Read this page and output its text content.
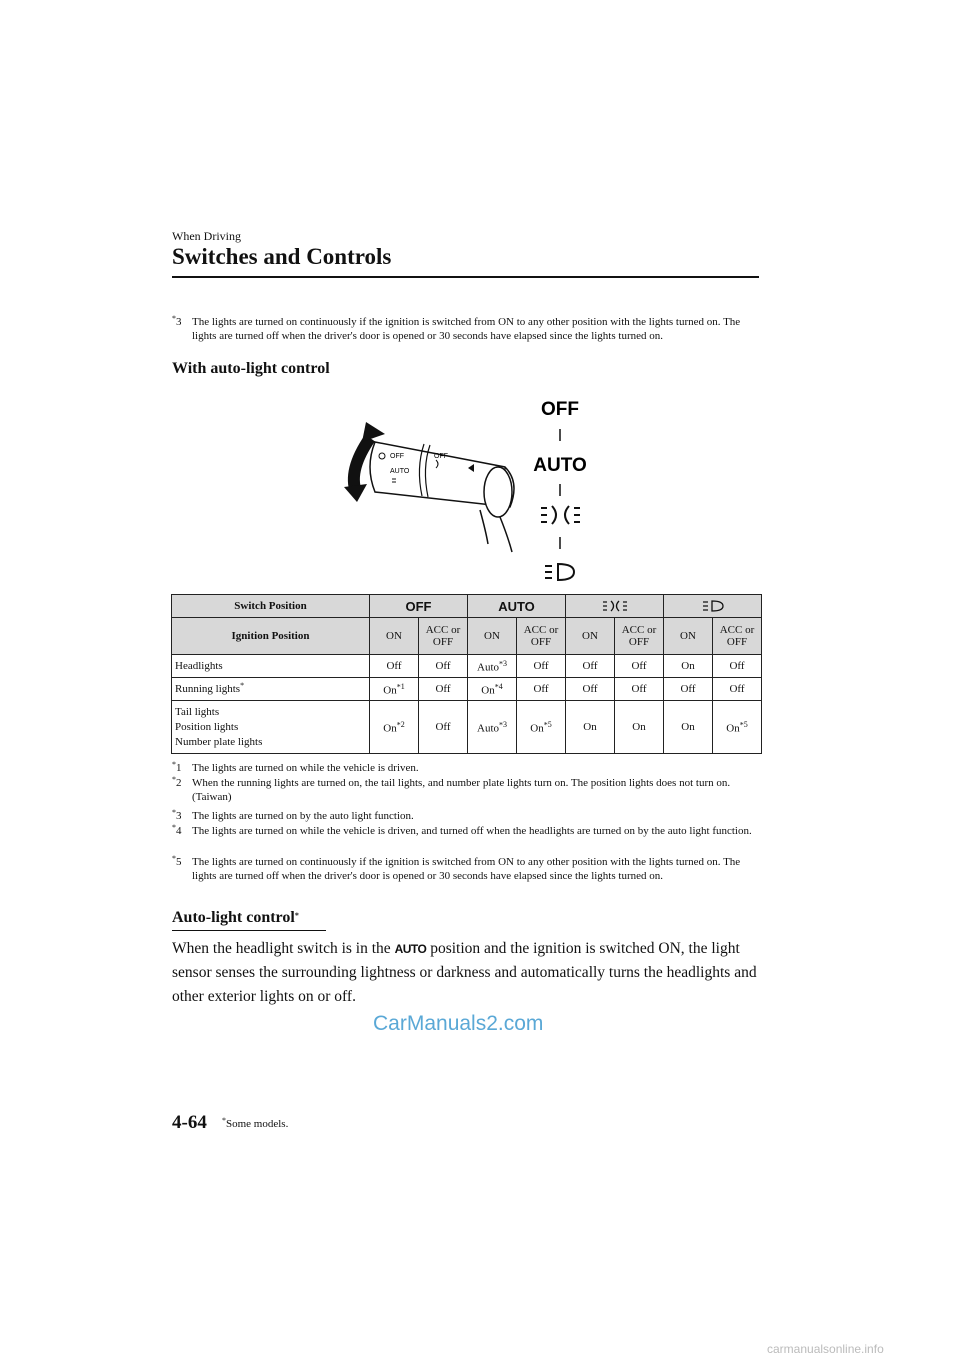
When Driving
Switches and Controls
*3 The lights are turned on continuously if the ignition is switched from ON to any other position with the lights turned on. The lights are turned off when the driver's door is opened or 30 seconds have elapsed since the lights turned on.
With auto-light control
OFF
AUTO
OFF
OFF
AUTO
Switch Position	OFF		AUTO		
Ignition Position	ON	ACC or OFF	ON	ACC or OFF	ON	ACC or OFF	ON	ACC or OFF
Headlights	Off	Off	Auto$^{*3}$	Off	Off	Off	On	Off
Running lights*	On$^{*1}$	Off	On$^{*4}$	Off	Off	Off	Off	Off

Tail lights
Position lights
Number plate lights	On$^{*2}$	Off	Auto$^{*3}$	On$^{*5}$	On	On	On	On$^{*5}$
*1 The lights are turned on while the vehicle is driven.
*2 When the running lights are turned on, the tail lights, and number plate lights turn on. The position lights does not turn on. (Taiwan)
*3 The lights are turned on by the auto light function.
*4 The lights are turned on while the vehicle is driven, and turned off when the headlights are turned on by the auto light function.
*5 The lights are turned on continuously if the ignition is switched from ON to any other position with the lights turned on. The lights are turned off when the driver's door is opened or 30 seconds have elapsed since the lights turned on.
Auto-light control*
When the headlight switch is in the AUTO position and the ignition is switched ON, the light sensor senses the surrounding lightness or darkness and automatically turns the headlights and other exterior lights on or off.
CarManuals2.com
4-64 *Some models.
carmanualsonline.info
